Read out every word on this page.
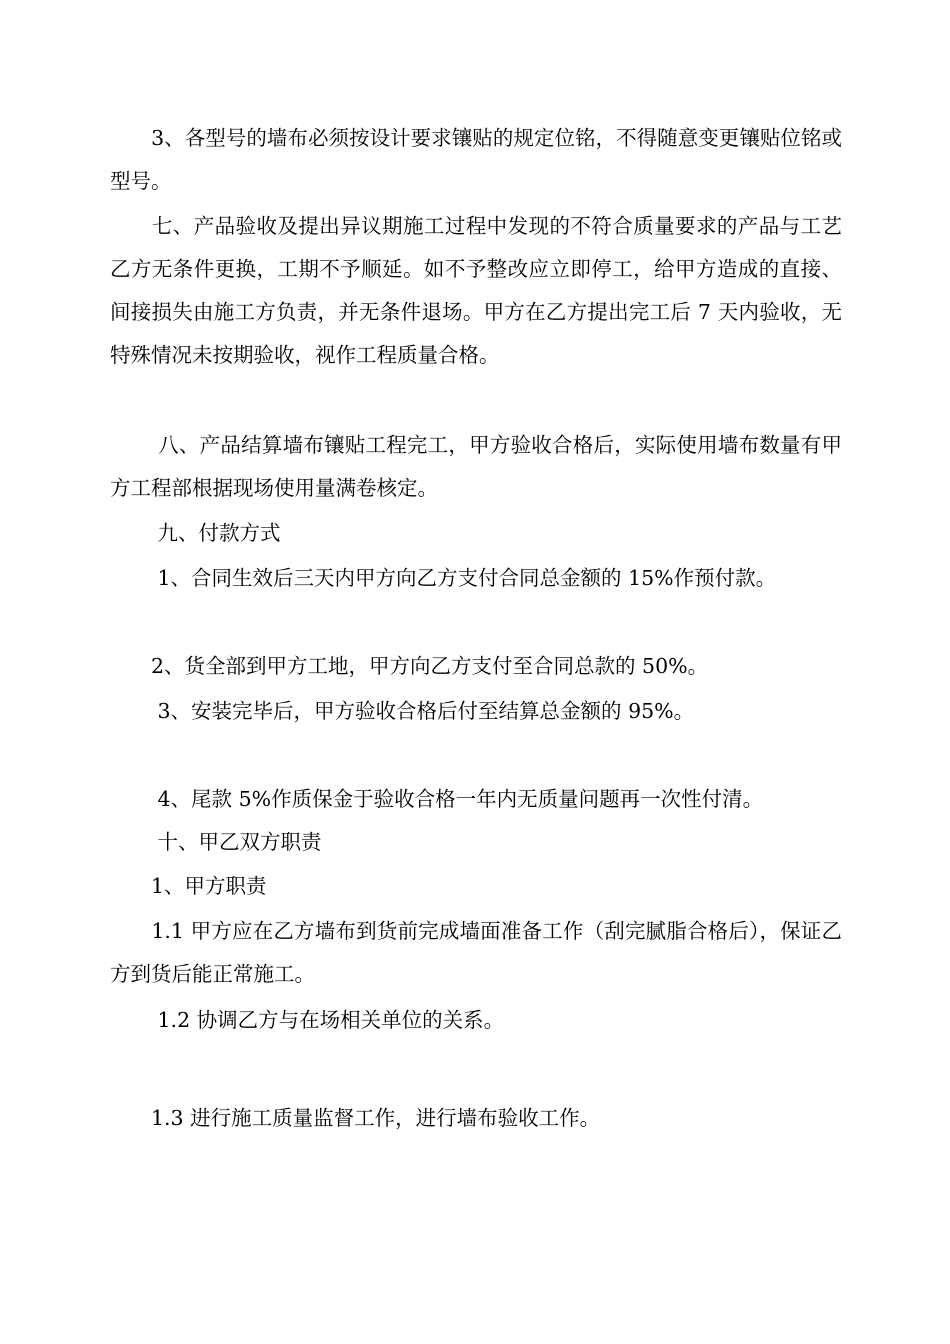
　　3、各型号的墙布必须按设计要求镶贴的规定位铭，不得随意变更镶贴位铭或型号。
　　七、产品验收及提出异议期施工过程中发现的不符合质量要求的产品与工艺乙方无条件更换，工期不予顺延。如不予整改应立即停工，给甲方造成的直接、间接损失由施工方负责，并无条件退场。甲方在乙方提出完工后 7 天内验收，无特殊情况未按期验收，视作工程质量合格。
　　 八、产品结算墙布镶贴工程完工，甲方验收合格后，实际使用墙布数量有甲方工程部根据现场使用量满卷核定。
　　 九、付款方式
　　 1、合同生效后三天内甲方向乙方支付合同总金额的 15%作预付款。
　　2、货全部到甲方工地，甲方向乙方支付至合同总款的 50%。
　　 3、安装完毕后，甲方验收合格后付至结算总金额的 95%。
　　 4、尾款 5%作质保金于验收合格一年内无质量问题再一次性付清。
　　 十、甲乙双方职责
　　1、甲方职责
　　1.1 甲方应在乙方墙布到货前完成墙面准备工作（刮完腻脂合格后），保证乙方到货后能正常施工。
　　 1.2 协调乙方与在场相关单位的关系。
　　1.3 进行施工质量监督工作，进行墙布验收工作。
